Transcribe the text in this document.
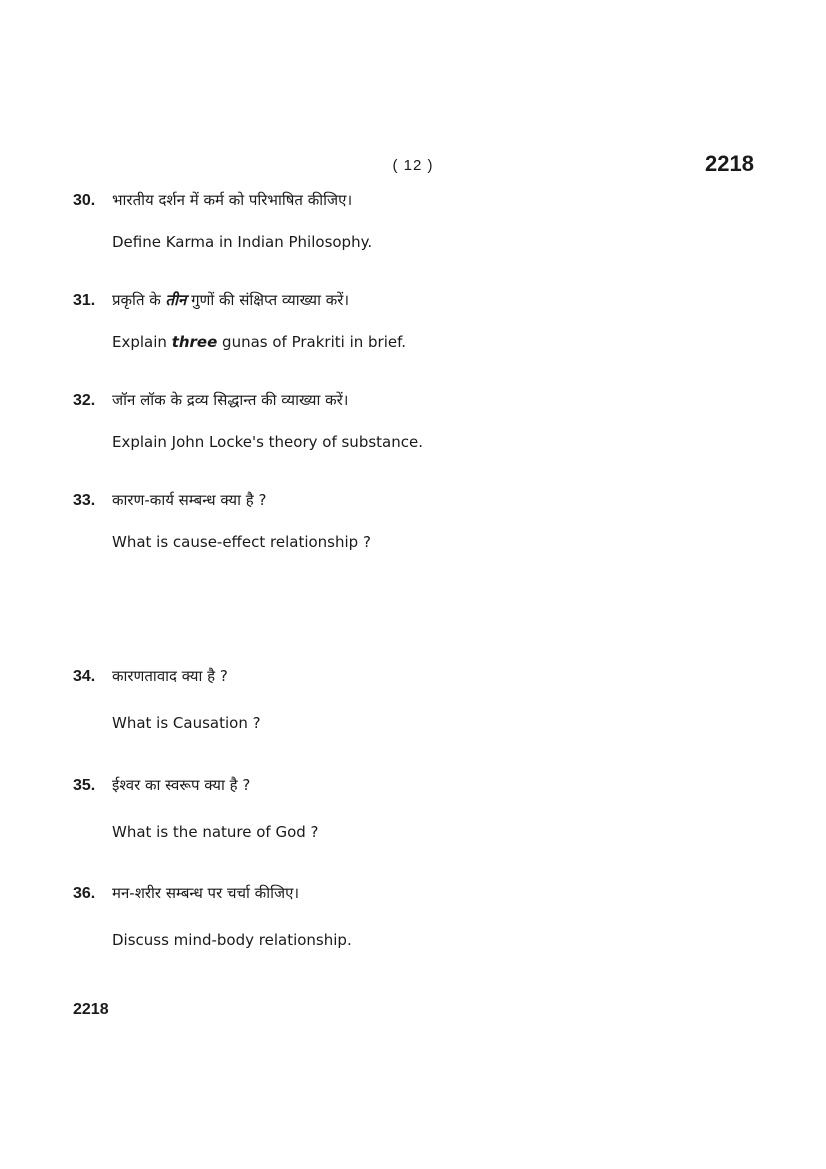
( 12 )	2218
30. भारतीय दर्शन में कर्म को परिभाषित कीजिए।
Define Karma in Indian Philosophy.
31. प्रकृति के तीन गुणों की संक्षिप्त व्याख्या करें।
Explain three gunas of Prakriti in brief.
32. जॉन लॉक के द्रव्य सिद्धान्त की व्याख्या करें।
Explain John Locke's theory of substance.
33. कारण-कार्य सम्बन्ध क्या है ?
What is cause-effect relationship ?
34. कारणतावाद क्या है ?
What is Causation ?
35. ईश्वर का स्वरूप क्या है ?
What is the nature of God ?
36. मन-शरीर सम्बन्ध पर चर्चा कीजिए।
Discuss mind-body relationship.
2218
